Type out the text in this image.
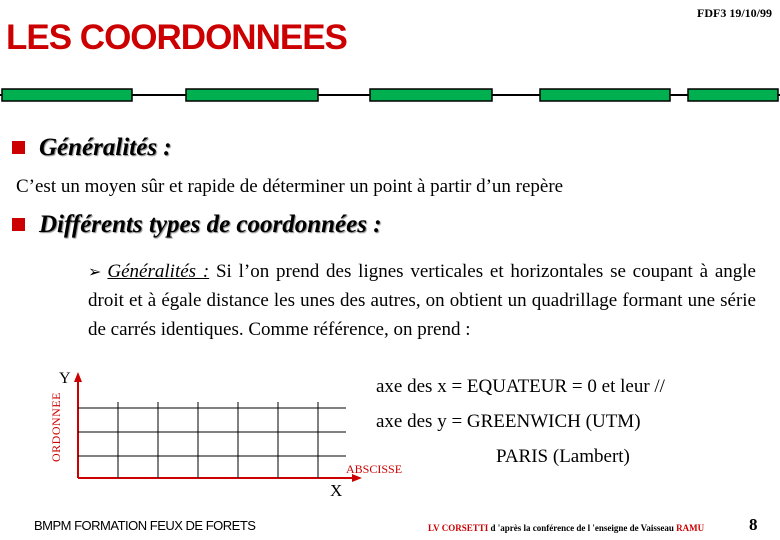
LES COORDONNEES
FDF3 19/10/99
Généralités :
C’est un moyen sûr et rapide de déterminer un point à partir d’un repère
Différents types de coordonnées :
➢ Généralités : Si l’on prend des lignes verticales et horizontales se coupant à angle droit et à égale distance les unes des autres, on obtient un quadrillage formant une série de carrés identiques. Comme référence, on prend :
axe des x = EQUATEUR = 0 et leur //
axe des y = GREENWICH (UTM)
PARIS (Lambert)
ORDONNEE
Y
ABSCISSE
X
BMPM FORMATION FEUX DE FORETS	LV CORSETTI d 'après la conférence de l 'enseigne de Vaisseau RAMU	8
